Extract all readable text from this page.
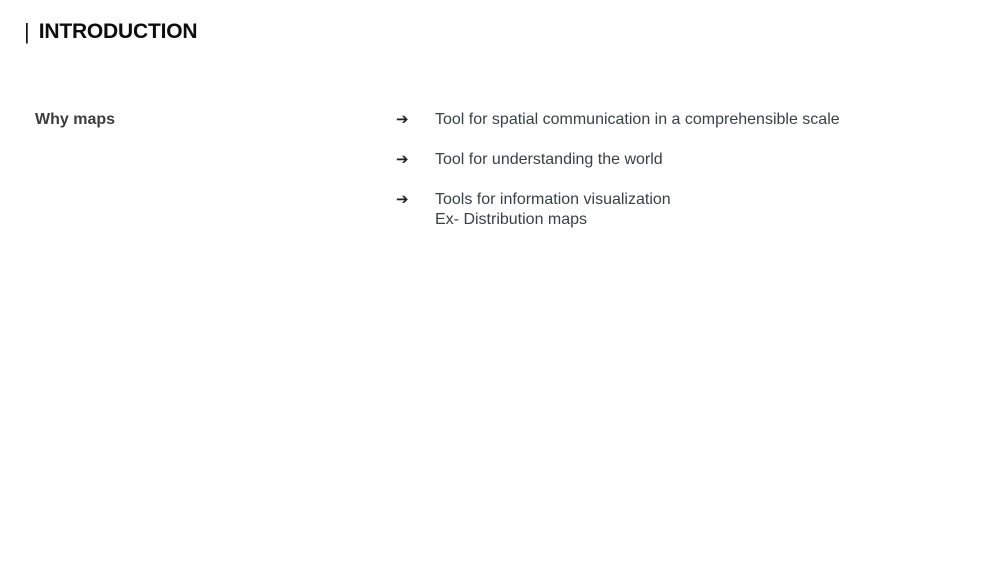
| INTRODUCTION
Why maps	➔	Tool for spatial communication in a comprehensible scale
➔	Tool for understanding the world
➔	Tools for information visualization
Ex- Distribution maps
